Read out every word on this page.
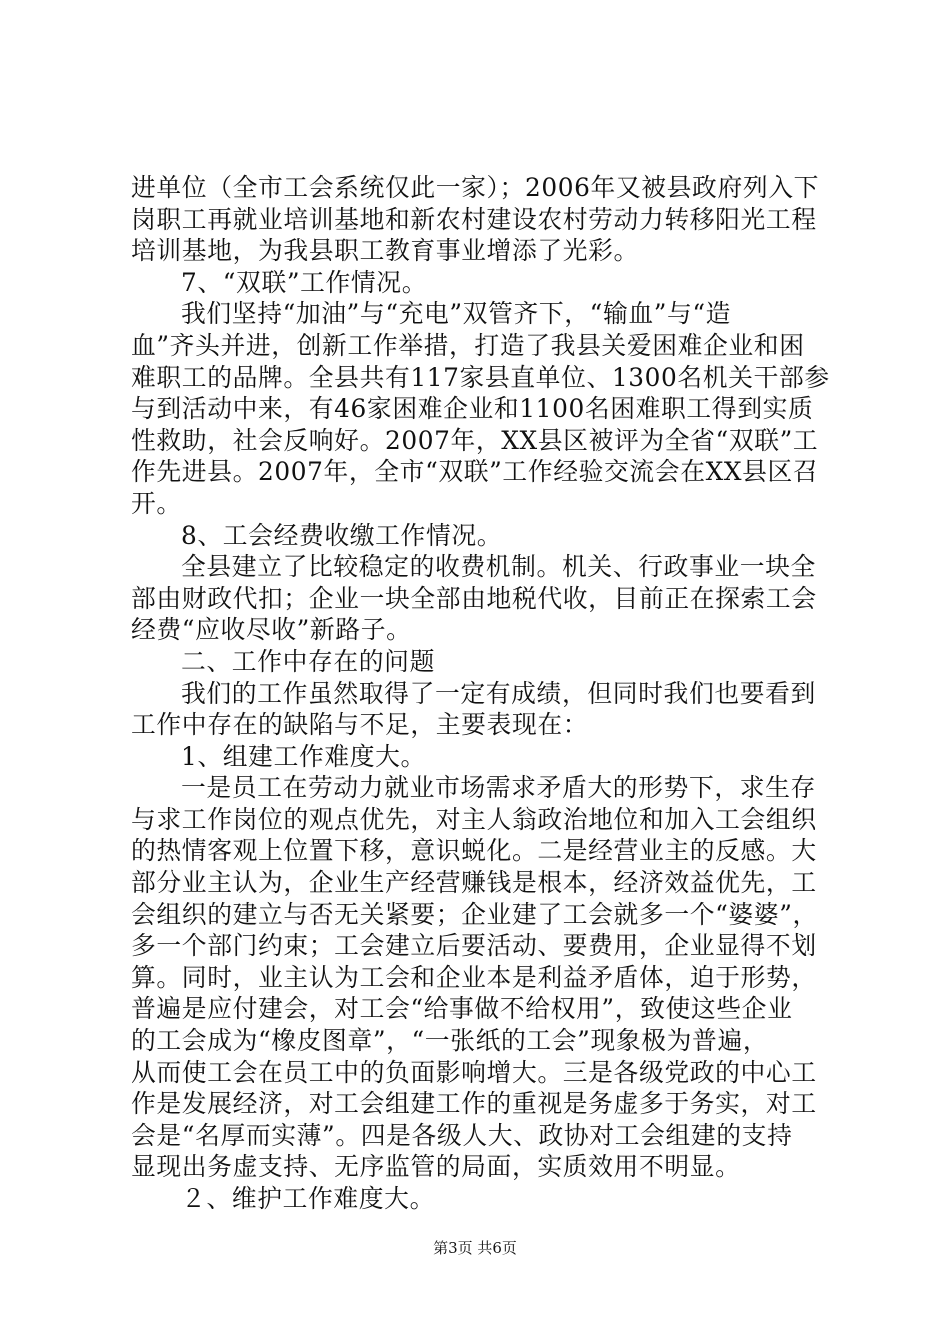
进单位（全市工会系统仅此一家）；2006年又被县政府列入下
岗职工再就业培训基地和新农村建设农村劳动力转移阳光工程
培训基地，为我县职工教育事业增添了光彩。
7、“双联”工作情况。
我们坚持“加油”与“充电”双管齐下，“输血”与“造
血”齐头并进，创新工作举措，打造了我县关爱困难企业和困
难职工的品牌。全县共有117家县直单位、1300名机关干部参
与到活动中来，有46家困难企业和1100名困难职工得到实质
性救助，社会反响好。2007年，XX县区被评为全省“双联”工
作先进县。2007年，全市“双联”工作经验交流会在XX县区召
开。
8、工会经费收缴工作情况。
全县建立了比较稳定的收费机制。机关、行政事业一块全
部由财政代扣；企业一块全部由地税代收，目前正在探索工会
经费“应收尽收”新路子。
二、工作中存在的问题
我们的工作虽然取得了一定有成绩，但同时我们也要看到
工作中存在的缺陷与不足，主要表现在：
1、组建工作难度大。
一是员工在劳动力就业市场需求矛盾大的形势下，求生存
与求工作岗位的观点优先，对主人翁政治地位和加入工会组织
的热情客观上位置下移，意识蜕化。二是经营业主的反感。大
部分业主认为，企业生产经营赚钱是根本，经济效益优先，工
会组织的建立与否无关紧要；企业建了工会就多一个“婆婆”，
多一个部门约束；工会建立后要活动、要费用，企业显得不划
算。同时，业主认为工会和企业本是利益矛盾体，迫于形势，
普遍是应付建会，对工会“给事做不给权用”，致使这些企业
的工会成为“橡皮图章”，“一张纸的工会”现象极为普遍，
从而使工会在员工中的负面影响增大。三是各级党政的中心工
作是发展经济，对工会组建工作的重视是务虚多于务实，对工
会是“名厚而实薄”。四是各级人大、政协对工会组建的支持
显现出务虚支持、无序监管的局面，实质效用不明显。
２、维护工作难度大。
第3页 共6页
